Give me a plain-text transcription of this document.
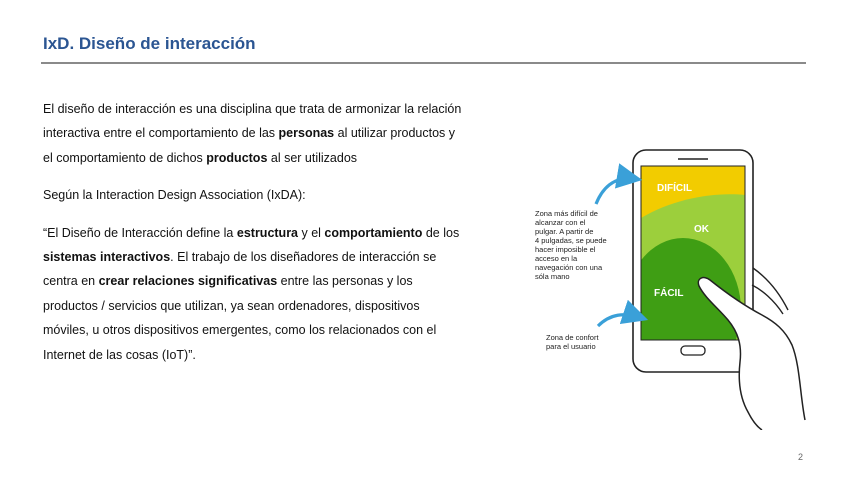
IxD. Diseño de interacción

El diseño de interacción es una disciplina que trata de armonizar la relación interactiva entre el comportamiento de las personas al utilizar productos y el comportamiento de dichos productos al ser utilizados

Según la Interaction Design Association (IxDA):

“El Diseño de Interacción define la estructura y el comportamiento de los sistemas interactivos. El trabajo de los diseñadores de interacción se centra en crear relaciones significativas entre las personas y los productos / servicios que utilizan, ya sean ordenadores, dispositivos móviles, u otros dispositivos emergentes, como los relacionados con el Internet de las cosas (IoT)”.

DIFÍCIL
OK
FÁCIL
Zona más difícil de alcanzar con el pulgar. A partir de 4 pulgadas, se puede hacer imposible el acceso en la navegación con una sóla mano
Zona de confort para el usuario
2
